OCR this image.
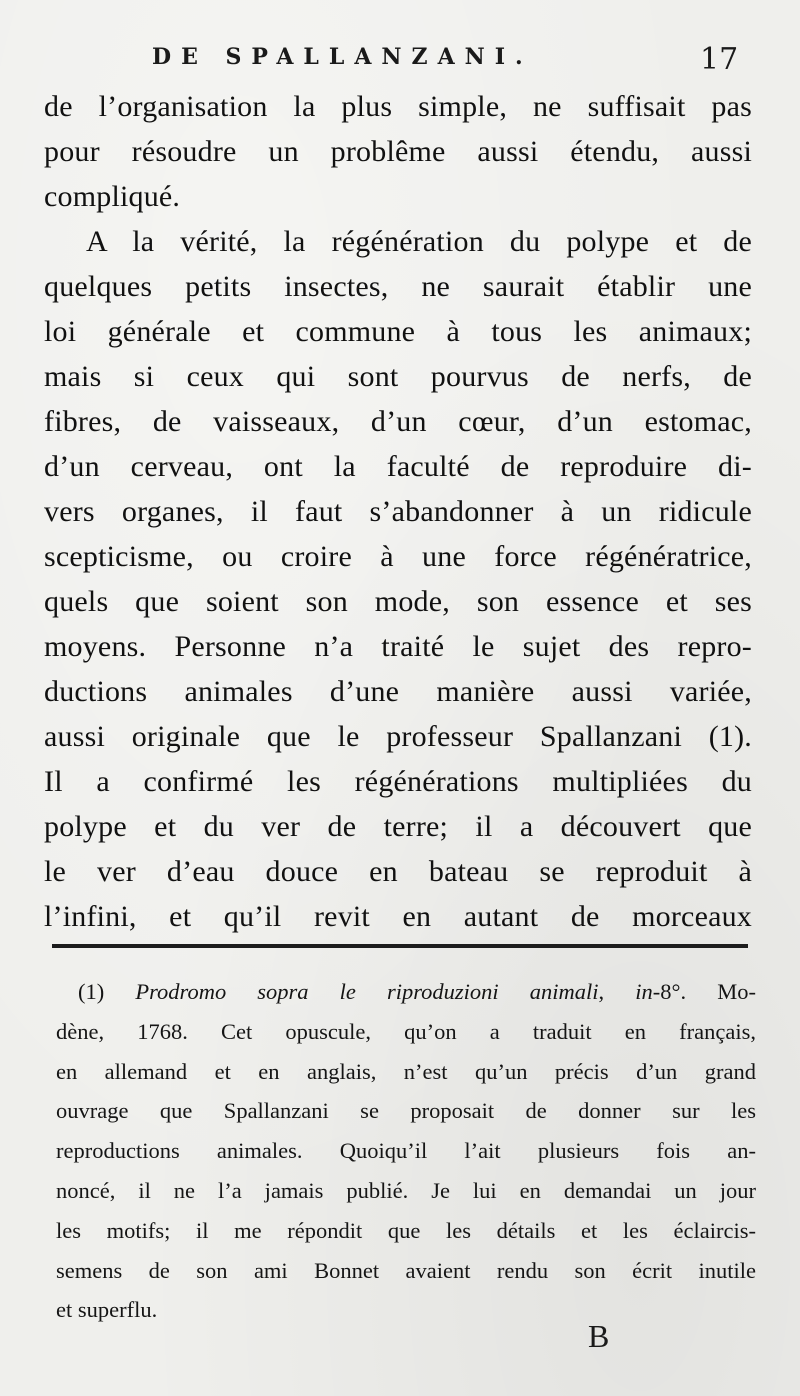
DE SPALLANZANI.	17
de l’organisation la plus simple, ne suffisait pas
pour résoudre un problême aussi étendu, aussi
compliqué.
A la vérité, la régénération du polype et de
quelques petits insectes, ne saurait établir une
loi générale et commune à tous les animaux;
mais si ceux qui sont pourvus de nerfs, de
fibres, de vaisseaux, d’un cœur, d’un estomac,
d’un cerveau, ont la faculté de reproduire di-
vers organes, il faut s’abandonner à un ridicule
scepticisme, ou croire à une force régénératrice,
quels que soient son mode, son essence et ses
moyens. Personne n’a traité le sujet des repro-
ductions animales d’une manière aussi variée,
aussi originale que le professeur Spallanzani (1).
Il a confirmé les régénérations multipliées du
polype et du ver de terre; il a découvert que
le ver d’eau douce en bateau se reproduit à
l’infini, et qu’il revit en autant de morceaux
(1) Prodromo sopra le riproduzioni animali, in-8°. Mo-
dène, 1768. Cet opuscule, qu’on a traduit en français,
en allemand et en anglais, n’est qu’un précis d’un grand
ouvrage que Spallanzani se proposait de donner sur les
reproductions animales. Quoiqu’il l’ait plusieurs fois an-
noncé, il ne l’a jamais publié. Je lui en demandai un jour
les motifs; il me répondit que les détails et les éclaircis-
semens de son ami Bonnet avaient rendu son écrit inutile
et superflu.
B
